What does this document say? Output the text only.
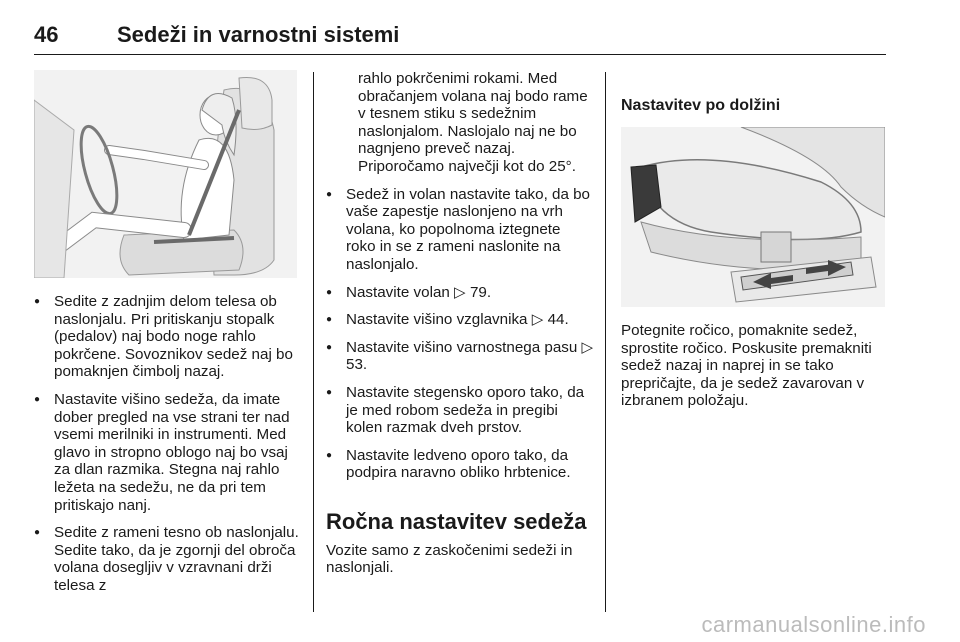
46	Sedeži in varnostni sistemi
● Sedite z zadnjim delom telesa ob naslonjalu. Pri pritiskanju stopalk (pedalov) naj bodo noge rahlo pokrčene. Sovoznikov sedež naj bo pomaknjen čimbolj nazaj.
● Nastavite višino sedeža, da imate dober pregled na vse strani ter nad vsemi merilniki in instrumenti. Med glavo in stropno oblogo naj bo vsaj za dlan razmika. Stegna naj rahlo ležeta na sedežu, ne da pri tem pritiskajo nanj.
● Sedite z rameni tesno ob naslonjalu. Sedite tako, da je zgornji del obroča volana dosegljiv v vzravnani drži telesa z
rahlo pokrčenimi rokami. Med obračanjem volana naj bodo rame v tesnem stiku s sedežnim naslonjalom. Naslojalo naj ne bo nagnjeno preveč nazaj. Priporočamo največji kot do 25°.
● Sedež in volan nastavite tako, da bo vaše zapestje naslonjeno na vrh volana, ko popolnoma iztegnete roko in se z rameni naslonite na naslonjalo.
● Nastavite volan ▷ 79.
● Nastavite višino vzglavnika ▷ 44.
● Nastavite višino varnostnega pasu ▷ 53.
● Nastavite stegensko oporo tako, da je med robom sedeža in pregibi kolen razmak dveh prstov.
● Nastavite ledveno oporo tako, da podpira naravno obliko hrbtenice.
Ročna nastavitev sedeža
Vozite samo z zaskočenimi sedeži in naslonjali.
Nastavitev po dolžini
Potegnite ročico, pomaknite sedež, sprostite ročico. Poskusite premakniti sedež nazaj in naprej in se tako prepričajte, da je sedež zavarovan v izbranem položaju.
carmanualsonline.info
